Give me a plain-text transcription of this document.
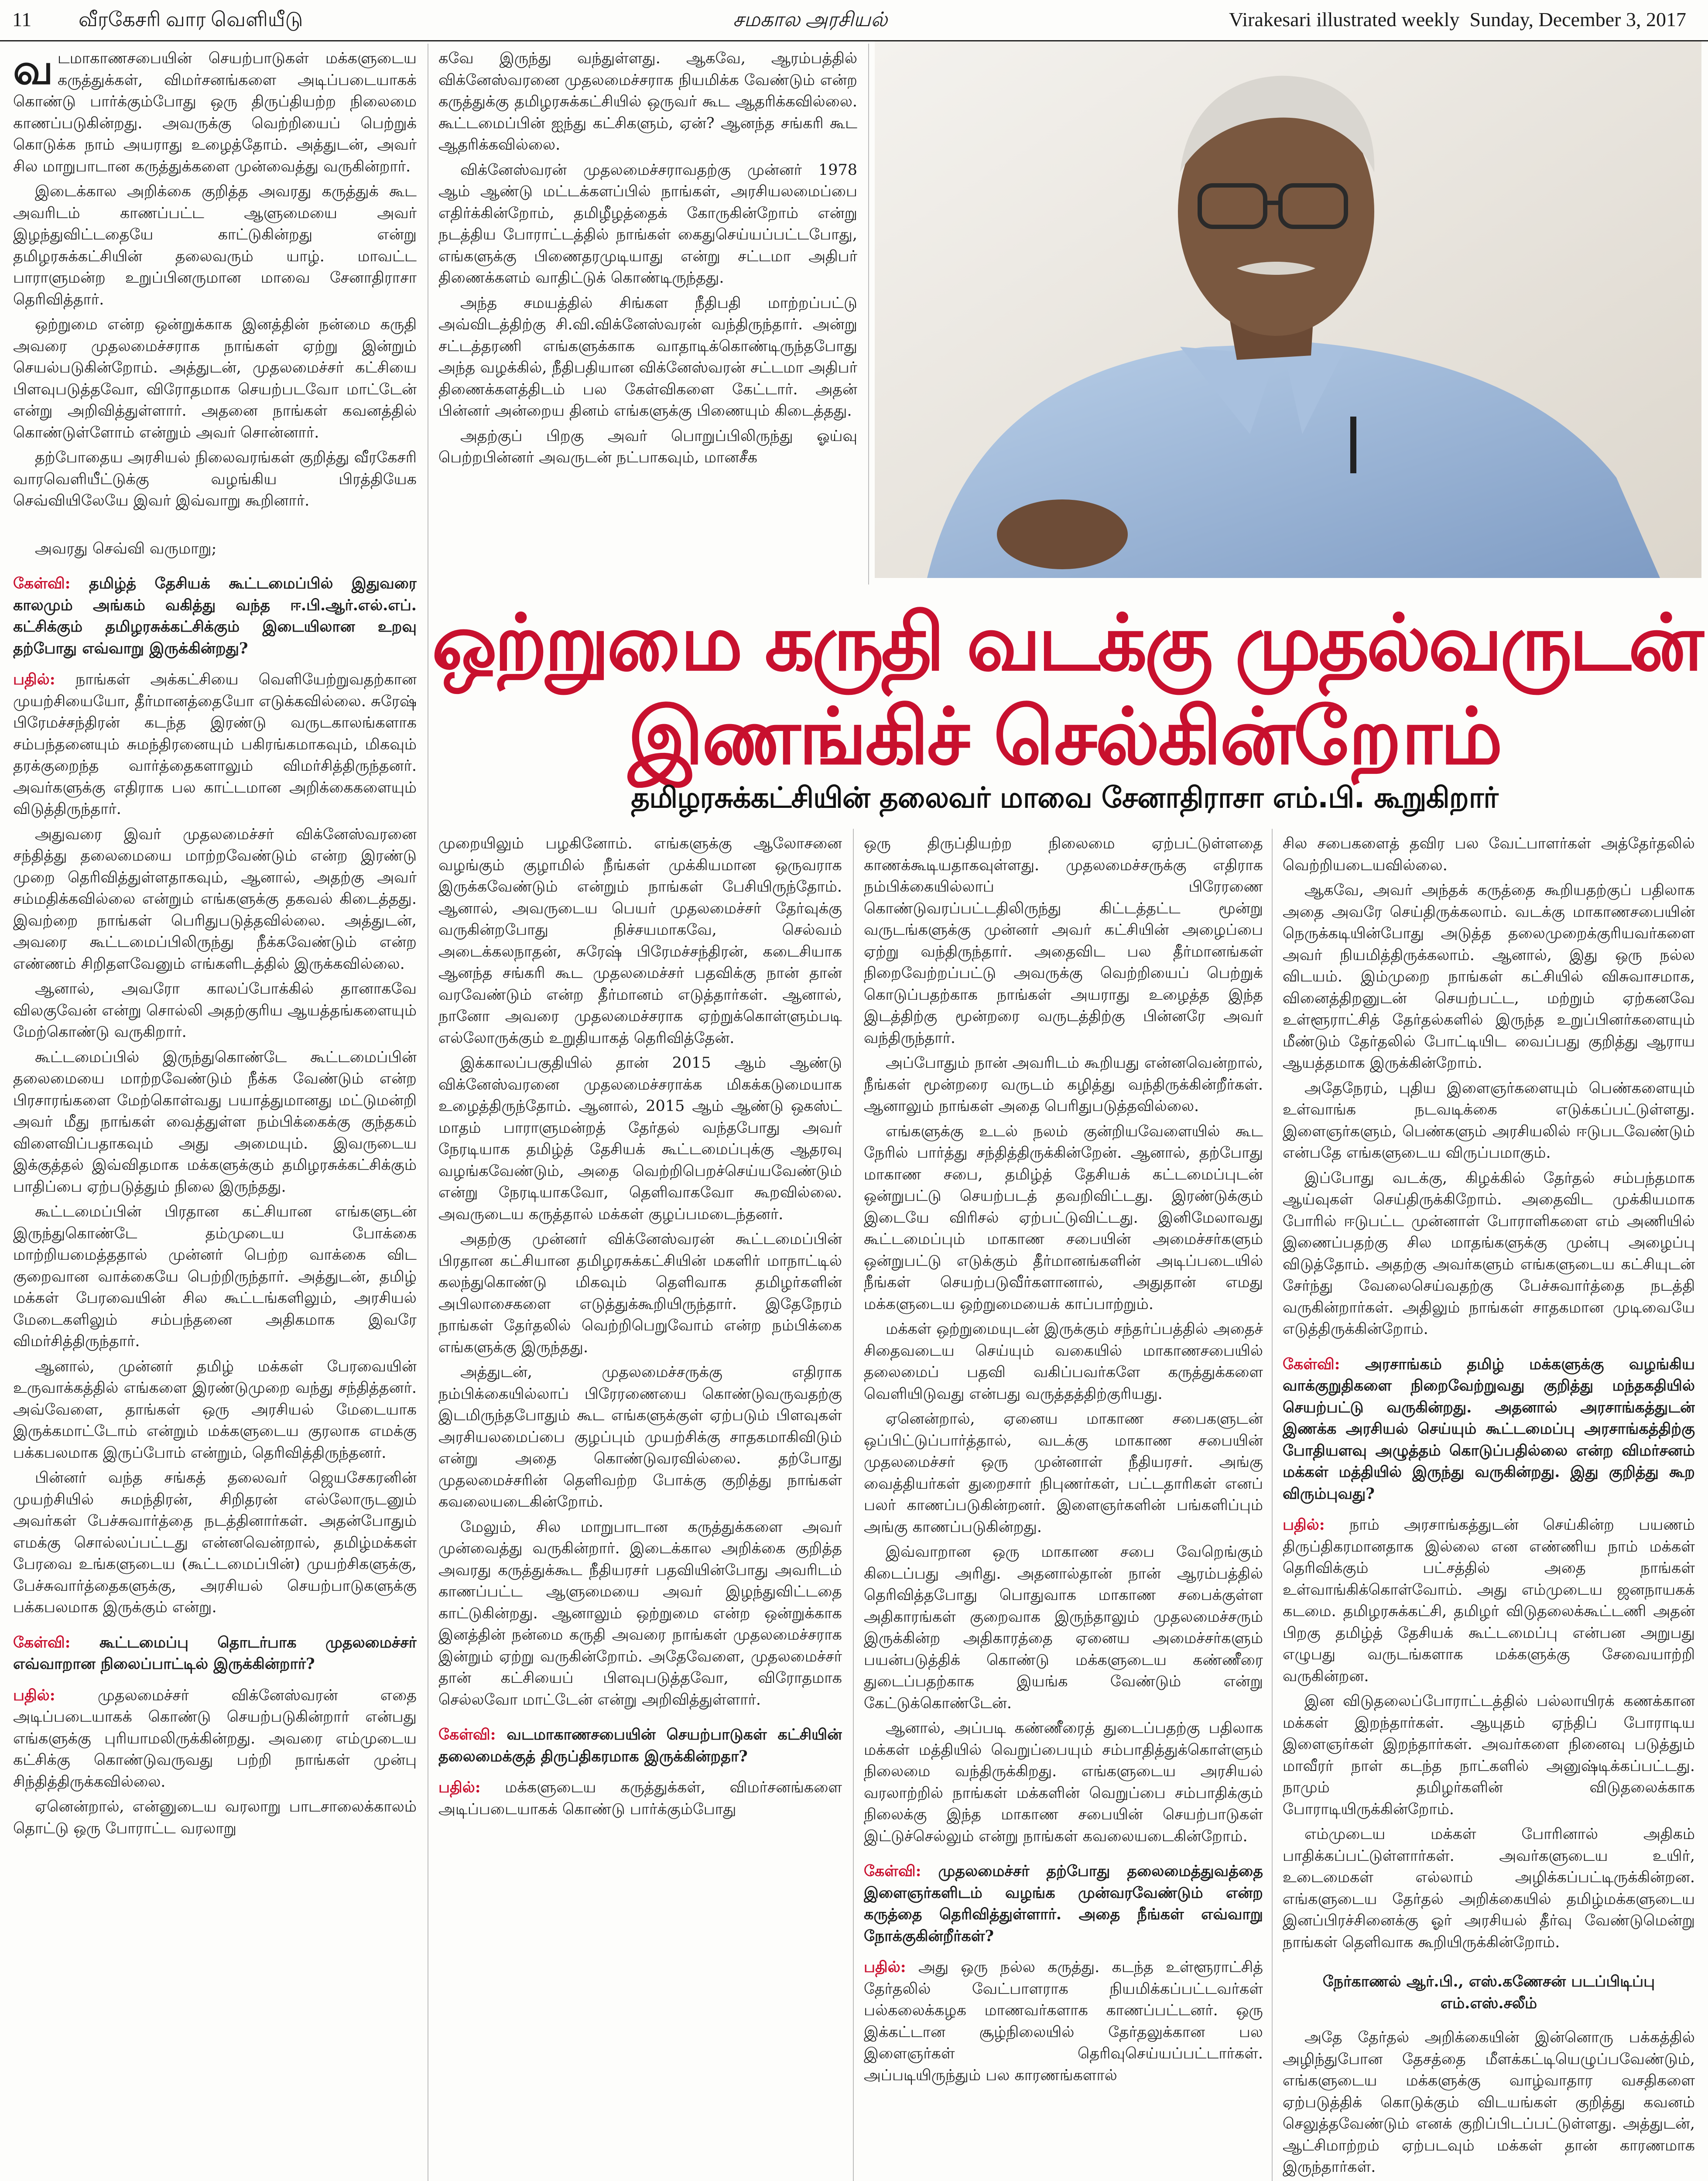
11 வீரகேசரி வார வெளியீடு	சமகால அரசியல்	Virakesari illustrated weekly Sunday, December 3, 2017
ஒற்றுமை கருதி வடக்கு முதல்வருடன்
இணங்கிச் செல்கின்றோம்
தமிழரசுக்கட்சியின் தலைவர் மாவை சேனாதிராசா எம்.பி. கூறுகிறார்

வடமாகாணசபையின் செயற்பாடுகள் மக்களுடைய கருத்துக்கள், விமர்சனங்களை அடிப்படையாகக் கொண்டு பார்க்கும்போது ஒரு திருப்தியற்ற நிலைமை காணப்படுகின்றது. அவருக்கு வெற்றியைப் பெற்றுக் கொடுக்க நாம் அயராது உழைத்தோம். அத்துடன், அவர் சில மாறுபாடான கருத்துக்களை முன்வைத்து வருகின்றார்.

இடைக்கால அறிக்கை குறித்த அவரது கருத்துக் கூட அவரிடம் காணப்பட்ட ஆளுமையை அவர் இழந்துவிட்டதையே காட்டுகின்றது என்று தமிழரசுக்கட்சியின் தலைவரும் யாழ். மாவட்ட பாராளுமன்ற உறுப்பினருமான மாவை சேனாதிராசா தெரிவித்தார்.

ஒற்றுமை என்ற ஒன்றுக்காக இனத்தின் நன்மை கருதி அவரை முதலமைச்சராக நாங்கள் ஏற்று இன்றும் செயல்படுகின்றோம். அத்துடன், முதலமைச்சர் கட்சியை பிளவுபடுத்தவோ, விரோதமாக செயற்படவோ மாட்டேன் என்று அறிவித்துள்ளார். அதனை நாங்கள் கவனத்தில் கொண்டுள்ளோம் என்றும் அவர் சொன்னார்.

தற்போதைய அரசியல் நிலைவரங்கள் குறித்து வீரகேசரி வாரவெளியீட்டுக்கு வழங்கிய பிரத்தியேக செவ்வியிலேயே இவர் இவ்வாறு கூறினார்.

அவரது செவ்வி வருமாறு;

கேள்வி: தமிழ்த் தேசியக் கூட்டமைப்பில் இதுவரை காலமும் அங்கம் வகித்து வந்த ஈ.பி.ஆர்.எல்.எப். கட்சிக்கும் தமிழரசுக்கட்சிக்கும் இடையிலான உறவு தற்போது எவ்வாறு இருக்கின்றது?

பதில்: நாங்கள் அக்கட்சியை வெளியேற்றுவதற்கான முயற்சியையோ, தீர்மானத்தையோ எடுக்கவில்லை. சுரேஷ் பிரேமச்சந்திரன் கடந்த இரண்டு வருடகாலங்களாக சம்பந்தனையும் சுமந்திரனையும் பகிரங்கமாகவும், மிகவும் தரக்குறைந்த வார்த்தைகளாலும் விமர்சித்திருந்தனர். அவர்களுக்கு எதிராக பல காட்டமான அறிக்கைகளையும் விடுத்திருந்தார்.

அதுவரை இவர் முதலமைச்சர் விக்னேஸ்வரனை சந்தித்து தலைமையை மாற்றவேண்டும் என்ற இரண்டு முறை தெரிவித்துள்ளதாகவும், ஆனால், அதற்கு அவர் சம்மதிக்கவில்லை என்றும் எங்களுக்கு தகவல் கிடைத்தது. இவற்றை நாங்கள் பெரிதுபடுத்தவில்லை. அத்துடன், அவரை கூட்டமைப்பிலிருந்து நீக்கவேண்டும் என்ற எண்ணம் சிறிதளவேனும் எங்களிடத்தில் இருக்கவில்லை.

ஆனால், அவரோ காலப்போக்கில் தானாகவே விலகுவேன் என்று சொல்லி அதற்குரிய ஆயத்தங்களையும் மேற்கொண்டு வருகிறார்.

கூட்டமைப்பில் இருந்துகொண்டே கூட்டமைப்பின் தலைமையை மாற்றவேண்டும் நீக்க வேண்டும் என்ற பிரசாரங்களை மேற்கொள்வது பயாத்துமானது மட்டுமன்றி அவர் மீது நாங்கள் வைத்துள்ள நம்பிக்கைக்கு குந்தகம் விளைவிப்பதாகவும் அது அமையும். இவருடைய இக்குத்தல் இவ்விதமாக மக்களுக்கும் தமிழரசுக்கட்சிக்கும் பாதிப்பை ஏற்படுத்தும் நிலை இருந்தது.

கூட்டமைப்பின் பிரதான கட்சியான எங்களுடன் இருந்துகொண்டே தம்முடைய போக்கை மாற்றியமைத்ததால் முன்னர் பெற்ற வாக்கை விட குறைவான வாக்கையே பெற்றிருந்தார். அத்துடன், தமிழ் மக்கள் பேரவையின் சில கூட்டங்களிலும், அரசியல் மேடைகளிலும் சம்பந்தனை அதிகமாக இவரே விமர்சித்திருந்தார்.

ஆனால், முன்னர் தமிழ் மக்கள் பேரவையின் உருவாக்கத்தில் எங்களை இரண்டுமுறை வந்து சந்தித்தனர். அவ்வேளை, தாங்கள் ஒரு அரசியல் மேடையாக இருக்கமாட்டோம் என்றும் மக்களுடைய குரலாக எமக்கு பக்கபலமாக இருப்போம் என்றும், தெரிவித்திருந்தனர்.

பின்னர் வந்த சங்கத் தலைவர் ஜெயசேகரனின் முயற்சியில் சுமந்திரன், சிறிதரன் எல்லோருடனும் அவர்கள் பேச்சுவார்த்தை நடத்தினார்கள். அதன்போதும் எமக்கு சொல்லப்பட்டது என்னவென்றால், தமிழ்மக்கள் பேரவை உங்களுடைய (கூட்டமைப்பின்) முயற்சிகளுக்கு, பேச்சுவார்த்தைகளுக்கு, அரசியல் செயற்பாடுகளுக்கு பக்கபலமாக இருக்கும் என்று.

கேள்வி: கூட்டமைப்பு தொடர்பாக முதலமைச்சர் எவ்வாறான நிலைப்பாட்டில் இருக்கின்றார்?

பதில்:	முதலமைச்சர் விக்னேஸ்வரன் எதை அடிப்படையாகக் கொண்டு செயற்படுகின்றார் என்பது எங்களுக்கு புரியாமலிருக்கின்றது. அவரை எம்முடைய கட்சிக்கு கொண்டுவருவது பற்றி நாங்கள் முன்பு சிந்தித்திருக்கவில்லை.

ஏனென்றால், என்னுடைய வரலாறு பாடசாலைக்காலம் தொட்டு ஒரு போராட்ட வரலாறு

கவே இருந்து வந்துள்ளது. ஆகவே, ஆரம்பத்தில் விக்னேஸ்வரனை முதலமைச்சராக நியமிக்க வேண்டும் என்ற கருத்துக்கு தமிழரசுக்கட்சியில் ஒருவர் கூட ஆதரிக்கவில்லை. கூட்டமைப்பின் ஐந்து கட்சிகளும், ஏன்? ஆனந்த சங்கரி கூட ஆதரிக்கவில்லை.

விக்னேஸ்வரன் முதலமைச்சராவதற்கு முன்னர் 1978 ஆம் ஆண்டு மட்டக்களப்பில் நாங்கள், அரசியலமைப்பை எதிர்க்கின்றோம், தமிழீழத்தைக் கோருகின்றோம் என்று நடத்திய போராட்டத்தில் நாங்கள் கைதுசெய்யப்பட்டபோது, எங்களுக்கு பிணைதரமுடியாது என்று சட்டமா அதிபர் திணைக்களம் வாதிட்டுக் கொண்டிருந்தது.

அந்த சமயத்தில் சிங்கள நீதிபதி மாற்றப்பட்டு அவ்விடத்திற்கு சி.வி.விக்னேஸ்வரன் வந்திருந்தார். அன்று சட்டத்தரணி எங்களுக்காக வாதாடிக்கொண்டிருந்தபோது அந்த வழக்கில், நீதிபதியான விக்னேஸ்வரன் சட்டமா அதிபர் திணைக்களத்திடம் பல கேள்விகளை கேட்டார். அதன் பின்னர் அன்றைய தினம் எங்களுக்கு பிணையும் கிடைத்தது.

அதற்குப் பிறகு அவர் பொறுப்பிலிருந்து ஓய்வு பெற்றபின்னர் அவருடன் நட்பாகவும், மானசீக

முறையிலும் பழகினோம். எங்களுக்கு ஆலோசனை வழங்கும் குழாமில் நீங்கள் முக்கியமான ஒருவராக இருக்கவேண்டும் என்றும் நாங்கள் பேசியிருந்தோம். ஆனால், அவருடைய பெயர் முதலமைச்சர் தேர்வுக்கு வருகின்றபோது நிச்சயமாகவே, செல்வம் அடைக்கலநாதன், சுரேஷ் பிரேமச்சந்திரன், கடைசியாக ஆனந்த சங்கரி கூட முதலமைச்சர் பதவிக்கு நான் தான் வரவேண்டும் என்ற தீர்மானம் எடுத்தார்கள். ஆனால், நானோ அவரை முதலமைச்சராக ஏற்றுக்கொள்ளும்படி எல்லோருக்கும் உறுதியாகத் தெரிவித்தேன்.

இக்காலப்பகுதியில் தான் 2015 ஆம் ஆண்டு விக்னேஸ்வரனை முதலமைச்சராக்க மிகக்கடுமையாக உழைத்திருந்தோம். ஆனால், 2015 ஆம் ஆண்டு ஒகஸ்ட் மாதம் பாராளுமன்றத் தேர்தல் வந்தபோது அவர் நேரடியாக தமிழ்த் தேசியக் கூட்டமைப்புக்கு ஆதரவு வழங்கவேண்டும், அதை வெற்றிபெறச்செய்யவேண்டும் என்று நேரடியாகவோ, தெளிவாகவோ கூறவில்லை. அவருடைய கருத்தால் மக்கள் குழப்பமடைந்தனர்.

அதற்கு முன்னர் விக்னேஸ்வரன் கூட்டமைப்பின் பிரதான கட்சியான தமிழரசுக்கட்சியின் மகளிர் மாநாட்டில் கலந்துகொண்டு மிகவும் தெளிவாக தமிழர்களின் அபிலாசைகளை எடுத்துக்கூறியிருந்தார். இதேநேரம் நாங்கள் தேர்தலில் வெற்றிபெறுவோம் என்ற நம்பிக்கை எங்களுக்கு இருந்தது.

அத்துடன், முதலமைச்சருக்கு எதிராக நம்பிக்கையில்லாப் பிரேரணையை கொண்டுவருவதற்கு இடமிருந்தபோதும் கூட எங்களுக்குள் ஏற்படும் பிளவுகள் அரசியலமைப்பை குழப்பும் முயற்சிக்கு சாதகமாகிவிடும் என்று அதை கொண்டுவரவில்லை. தற்போது முதலமைச்சரின் தெளிவற்ற போக்கு குறித்து நாங்கள் கவலையடைகின்றோம்.

மேலும், சில மாறுபாடான கருத்துக்களை அவர் முன்வைத்து வருகின்றார். இடைக்கால அறிக்கை குறித்த அவரது கருத்துக்கூட நீதியரசர் பதவியின்போது அவரிடம் காணப்பட்ட ஆளுமையை அவர் இழந்துவிட்டதை காட்டுகின்றது. ஆனாலும் ஒற்றுமை என்ற ஒன்றுக்காக இனத்தின் நன்மை கருதி அவரை நாங்கள் முதலமைச்சராக இன்றும் ஏற்று வருகின்றோம். அதேவேளை, முதலமைச்சர் தான் கட்சியைப் பிளவுபடுத்தவோ, விரோதமாக செல்லவோ மாட்டேன் என்று அறிவித்துள்ளார்.

கேள்வி: வடமாகாணசபையின் செயற்பாடுகள் கட்சியின் தலைமைக்குத் திருப்திகரமாக இருக்கின்றதா?

பதில்: மக்களுடைய கருத்துக்கள், விமர்சனங்களை அடிப்படையாகக் கொண்டு பார்க்கும்போது

ஒரு திருப்தியற்ற நிலைமை ஏற்பட்டுள்ளதை காணக்கூடியதாகவுள்ளது. முதலமைச்சருக்கு எதிராக நம்பிக்கையில்லாப் பிரேரணை கொண்டுவரப்பட்டதிலிருந்து கிட்டத்தட்ட மூன்று வருடங்களுக்கு முன்னர் அவர் கட்சியின் அழைப்பை ஏற்று வந்திருந்தார். அதைவிட பல தீர்மானங்கள் நிறைவேற்றப்பட்டு அவருக்கு வெற்றியைப் பெற்றுக் கொடுப்பதற்காக நாங்கள் அயராது உழைத்த இந்த இடத்திற்கு மூன்றரை வருடத்திற்கு பின்னரே அவர் வந்திருந்தார்.

அப்போதும் நான் அவரிடம் கூறியது என்னவென்றால், நீங்கள் மூன்றரை வருடம் கழித்து வந்திருக்கின்றீர்கள். ஆனாலும் நாங்கள் அதை பெரிதுபடுத்தவில்லை.

எங்களுக்கு உடல் நலம் குன்றியவேளையில் கூட நேரில் பார்த்து சந்தித்திருக்கின்றேன். ஆனால், தற்போது மாகாண சபை, தமிழ்த் தேசியக் கட்டமைப்புடன் ஒன்றுபட்டு செயற்படத் தவறிவிட்டது. இரண்டுக்கும் இடையே விரிசல் ஏற்பட்டுவிட்டது. இனிமேலாவது கூட்டமைப்பும் மாகாண சபையின் அமைச்சர்களும் ஒன்றுபட்டு எடுக்கும் தீர்மானங்களின் அடிப்படையில் நீங்கள் செயற்படுவீர்களானால், அதுதான் எமது மக்களுடைய ஒற்றுமையைக் காப்பாற்றும்.

மக்கள் ஒற்றுமையுடன் இருக்கும் சந்தர்ப்பத்தில் அதைச் சிதைவடைய செய்யும் வகையில் மாகாணசபையில் தலைமைப் பதவி வகிப்பவர்களே கருத்துக்களை வெளியிடுவது என்பது வருத்தத்திற்குரியது.

ஏனென்றால், ஏனைய மாகாண சபைகளுடன் ஒப்பிட்டுப்பார்த்தால், வடக்கு மாகாண சபையின் முதலமைச்சர் ஒரு முன்னாள் நீதியரசர். அங்கு வைத்தியர்கள் துறைசார் நிபுணர்கள், பட்டதாரிகள் எனப் பலர் காணப்படுகின்றனர். இளைஞர்களின் பங்களிப்பும் அங்கு காணப்படுகின்றது.

இவ்வாறான ஒரு மாகாண சபை வேறெங்கும் கிடைப்பது அரிது. அதனால்தான் நான் ஆரம்பத்தில் தெரிவித்தபோது பொதுவாக மாகாண சபைக்குள்ள அதிகாரங்கள் குறைவாக இருந்தாலும் முதலமைச்சரும் இருக்கின்ற அதிகாரத்தை ஏனைய அமைச்சர்களும் பயன்படுத்திக் கொண்டு மக்களுடைய கண்ணீரை துடைப்பதற்காக இயங்க வேண்டும் என்று கேட்டுக்கொண்டேன்.

ஆனால், அப்படி கண்ணீரைத் துடைப்பதற்கு பதிலாக மக்கள் மத்தியில் வெறுப்பையும் சம்பாதித்துக்கொள்ளும் நிலைமை வந்திருக்கிறது. எங்களுடைய அரசியல் வரலாற்றில் நாங்கள் மக்களின் வெறுப்பை சம்பாதிக்கும் நிலைக்கு இந்த மாகாண சபையின் செயற்பாடுகள் இட்டுச்செல்லும் என்று நாங்கள் கவலையடைகின்றோம்.

கேள்வி: முதலமைச்சர் தற்போது தலைமைத்துவத்தை இளைஞர்களிடம் வழங்க முன்வரவேண்டும் என்ற கருத்தை தெரிவித்துள்ளார். அதை நீங்கள் எவ்வாறு நோக்குகின்றீர்கள்?

பதில்: அது ஒரு நல்ல கருத்து. கடந்த உள்ளூராட்சித் தேர்தலில் வேட்பாளராக நியமிக்கப்பட்டவர்கள் பல்கலைக்கழக மாணவர்களாக காணப்பட்டனர். ஒரு இக்கட்டான சூழ்நிலையில் தேர்தலுக்கான பல இளைஞர்கள் தெரிவுசெய்யப்பட்டார்கள். அப்படியிருந்தும் பல காரணங்களால்

சில சபைகளைத் தவிர பல வேட்பாளர்கள் அத்தேர்தலில் வெற்றியடையவில்லை.

ஆகவே, அவர் அந்தக் கருத்தை கூறியதற்குப் பதிலாக அதை அவரே செய்திருக்கலாம். வடக்கு மாகாணசபையின் நெருக்கடியின்போது அடுத்த தலைமுறைக்குரியவர்களை அவர் நியமித்திருக்கலாம். ஆனால், இது ஒரு நல்ல விடயம். இம்முறை நாங்கள் கட்சியில் விசுவாசமாக, வினைத்திறனுடன் செயற்பட்ட, மற்றும் ஏற்கனவே உள்ளூராட்சித் தேர்தல்களில் இருந்த உறுப்பினர்களையும் மீண்டும் தேர்தலில் போட்டியிட வைப்பது குறித்து ஆராய ஆயத்தமாக இருக்கின்றோம்.

அதேநேரம், புதிய இளைஞர்களையும் பெண்களையும் உள்வாங்க நடவடிக்கை எடுக்கப்பட்டுள்ளது. இளைஞர்களும், பெண்களும் அரசியலில் ஈடுபடவேண்டும் என்பதே எங்களுடைய விருப்பமாகும்.

இப்போது வடக்கு, கிழக்கில் தேர்தல் சம்பந்தமாக ஆய்வுகள் செய்திருக்கிறோம். அதைவிட முக்கியமாக போரில் ஈடுபட்ட முன்னாள் போராளிகளை எம் அணியில் இணைப்பதற்கு சில மாதங்களுக்கு முன்பு அழைப்பு விடுத்தோம். அதற்கு அவர்களும் எங்களுடைய கட்சியுடன் சேர்ந்து வேலைசெய்வதற்கு பேச்சுவார்த்தை நடத்தி வருகின்றார்கள். அதிலும் நாங்கள் சாதகமான முடிவையே எடுத்திருக்கின்றோம்.

கேள்வி: அரசாங்கம் தமிழ் மக்களுக்கு வழங்கிய வாக்குறுதிகளை நிறைவேற்றுவது குறித்து மந்தகதியில் செயற்பட்டு வருகின்றது. அதனால் அரசாங்கத்துடன் இணக்க அரசியல் செய்யும் கூட்டமைப்பு அரசாங்கத்திற்கு போதியளவு அழுத்தம் கொடுப்பதில்லை என்ற விமர்சனம் மக்கள் மத்தியில் இருந்து வருகின்றது. இது குறித்து கூற விரும்புவது?

பதில்: நாம் அரசாங்கத்துடன் செய்கின்ற பயணம் திருப்திகரமானதாக இல்லை என எண்ணிய நாம் மக்கள் தெரிவிக்கும் பட்சத்தில் அதை நாங்கள் உள்வாங்கிக்கொள்வோம். அது எம்முடைய ஜனநாயகக் கடமை. தமிழரசுக்கட்சி, தமிழர் விடுதலைக்கூட்டணி அதன் பிறகு தமிழ்த் தேசியக் கூட்டமைப்பு என்பன அறுபது எழுபது வருடங்களாக மக்களுக்கு சேவையாற்றி வருகின்றன.

இன விடுதலைப்போராட்டத்தில் பல்லாயிரக் கணக்கான மக்கள் இறந்தார்கள். ஆயுதம் ஏந்திப் போராடிய இளைஞர்கள் இறந்தார்கள். அவர்களை நினைவு படுத்தும் மாவீரர் நாள் கடந்த நாட்களில் அனுஷ்டிக்கப்பட்டது. நாமும் தமிழர்களின் விடுதலைக்காக போராடியிருக்கின்றோம்.

எம்முடைய மக்கள் போரினால் அதிகம் பாதிக்கப்பட்டுள்ளார்கள். அவர்களுடைய உயிர், உடைமைகள் எல்லாம் அழிக்கப்பட்டிருக்கின்றன. எங்களுடைய தேர்தல் அறிக்கையில் தமிழ்மக்களுடைய இனப்பிரச்சினைக்கு ஓர் அரசியல் தீர்வு வேண்டுமென்று நாங்கள் தெளிவாக கூறியிருக்கின்றோம்.

நேர்காணல் ஆர்.பி., எஸ்.கணேசன் படப்பிடிப்பு எம்.எஸ்.சலீம்

அதே தேர்தல் அறிக்கையின் இன்னொரு பக்கத்தில் அழிந்துபோன தேசத்தை மீளக்கட்டியெழுப்பவேண்டும், எங்களுடைய மக்களுக்கு வாழ்வாதார வசதிகளை ஏற்படுத்திக் கொடுக்கும் விடயங்கள் குறித்து கவனம் செலுத்தவேண்டும் எனக் குறிப்பிடப்பட்டுள்ளது. அத்துடன், ஆட்சிமாற்றம் ஏற்படவும் மக்கள் தான் காரணமாக இருந்தார்கள்.
